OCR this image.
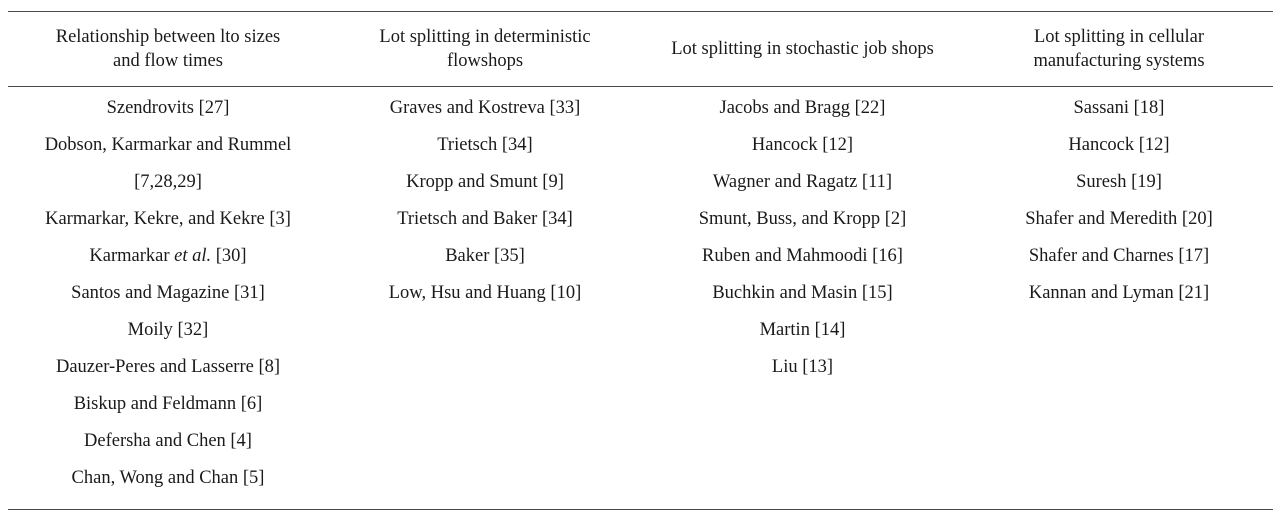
Relationship between lto sizes and flow times
Lot splitting in deterministic flowshops
Lot splitting in stochastic job shops
Lot splitting in cellular manufacturing systems
Szendrovits [27]
Dobson, Karmarkar and Rummel
[7,28,29]
Karmarkar, Kekre, and Kekre [3]
Karmarkar et al. [30]
Santos and Magazine [31]
Moily [32]
Dauzer-Peres and Lasserre [8]
Biskup and Feldmann [6]
Defersha and Chen [4]
Chan, Wong and Chan [5]
Graves and Kostreva [33]
Trietsch [34]
Kropp and Smunt [9]
Trietsch and Baker [34]
Baker [35]
Low, Hsu and Huang [10]
Jacobs and Bragg [22]
Hancock [12]
Wagner and Ragatz [11]
Smunt, Buss, and Kropp [2]
Ruben and Mahmoodi [16]
Buchkin and Masin [15]
Martin [14]
Liu [13]
Sassani [18]
Hancock [12]
Suresh [19]
Shafer and Meredith [20]
Shafer and Charnes [17]
Kannan and Lyman [21]
